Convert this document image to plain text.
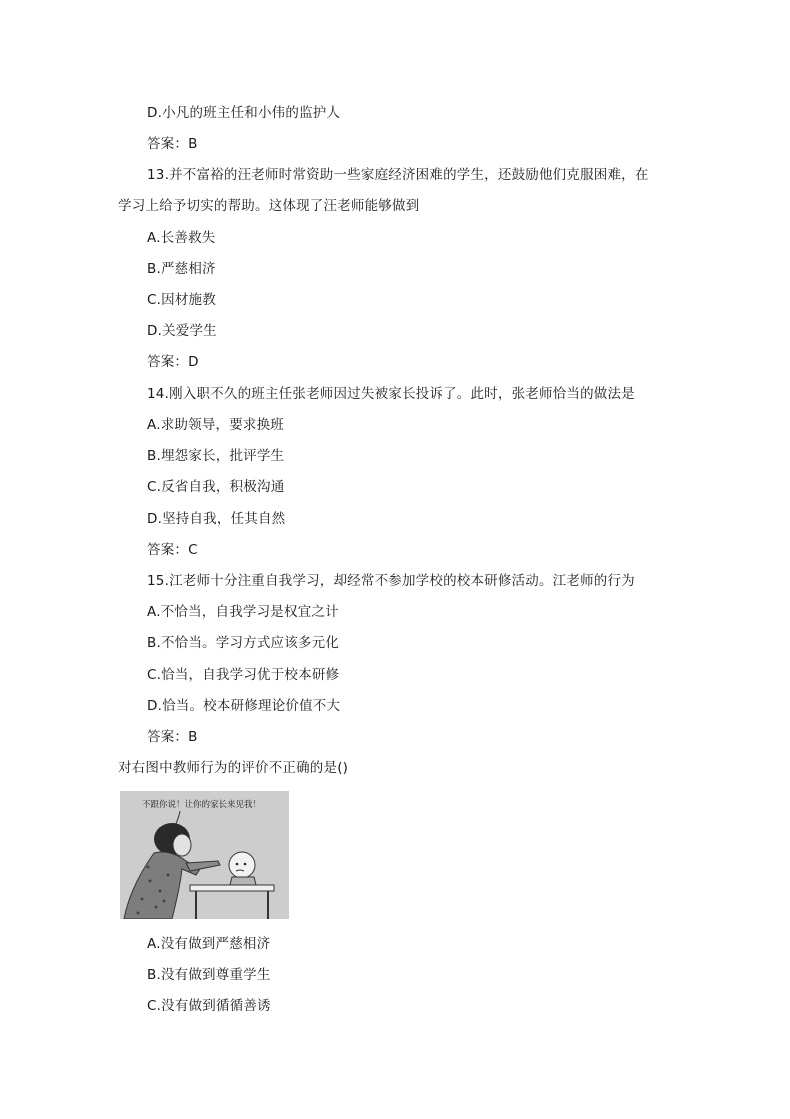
D.小凡的班主任和小伟的监护人
答案：B
13.并不富裕的汪老师时常资助一些家庭经济困难的学生，还鼓励他们克服困难，在
学习上给予切实的帮助。这体现了汪老师能够做到
A.长善救失
B.严慈相济
C.因材施教
D.关爱学生
答案：D
14.刚入职不久的班主任张老师因过失被家长投诉了。此时，张老师恰当的做法是
A.求助领导，要求换班
B.埋怨家长，批评学生
C.反省自我，积极沟通
D.坚持自我，任其自然
答案：C
15.江老师十分注重自我学习，却经常不参加学校的校本研修活动。江老师的行为
A.不恰当，自我学习是权宜之计
B.不恰当。学习方式应该多元化
C.恰当，自我学习优于校本研修
D.恰当。校本研修理论价值不大
答案：B
对右图中教师行为的评价不正确的是()
不跟你说！让你的家长来见我！
A.没有做到严慈相济
B.没有做到尊重学生
C.没有做到循循善诱
